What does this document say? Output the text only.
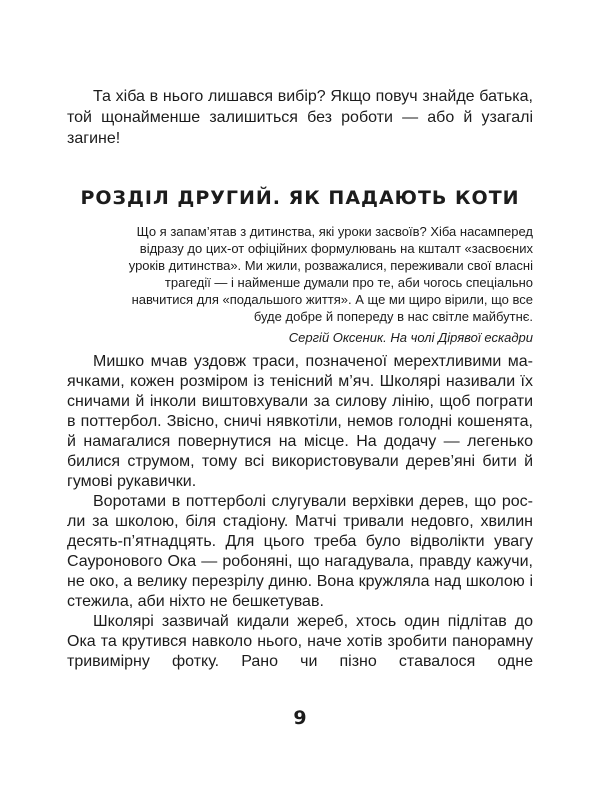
Та хіба в нього лишався вибір? Якщо повуч знайде батька, той щонайменше залишиться без роботи — або й узагалі загине!

РОЗДІЛ ДРУГИЙ. ЯК ПАДАЮТЬ КОТИ
Що я запам’ятав з дитинства, які уроки засвоїв? Хіба насамперед відразу до цих-от офіційних формулювань на кшталт «засвоєних уроків дитинства». Ми жили, розважалися, переживали свої власні трагедії — і найменше думали про те, аби чогось спеціально навчитися для «подальшого життя». А ще ми щиро вірили, що все буде добре й попереду в нас світле майбутнє.
Сергій Оксеник. На чолі Дірявої ескадри

Мишко мчав уздовж траси, позначеної мерехтливими маячками, кожен розміром із тенісний м’яч. Школярі називали їх сничами й інколи виштовхували за силову лінію, щоб пограти в поттербол. Звісно, сничі нявкотіли, немов голодні кошенята, й намагалися повернутися на місце. На додачу — легенько билися струмом, тому всі використовували дерев’яні бити й гумові рукавички.

Воротами в поттерболі слугували верхівки дерев, що росли за школою, біля стадіону. Матчі тривали недовго, хвилин десять-п’ятнадцять. Для цього треба було відволікти увагу Сауронового Ока — робоняні, що нагадувала, правду кажучи, не око, а велику перезрілу диню. Вона кружляла над школою і стежила, аби ніхто не бешкетував.

Школярі зазвичай кидали жереб, хтось один підлітав до Ока та крутився навколо нього, наче хотів зробити панорамну тривимірну фотку. Рано чи пізно ставалося одне

9
